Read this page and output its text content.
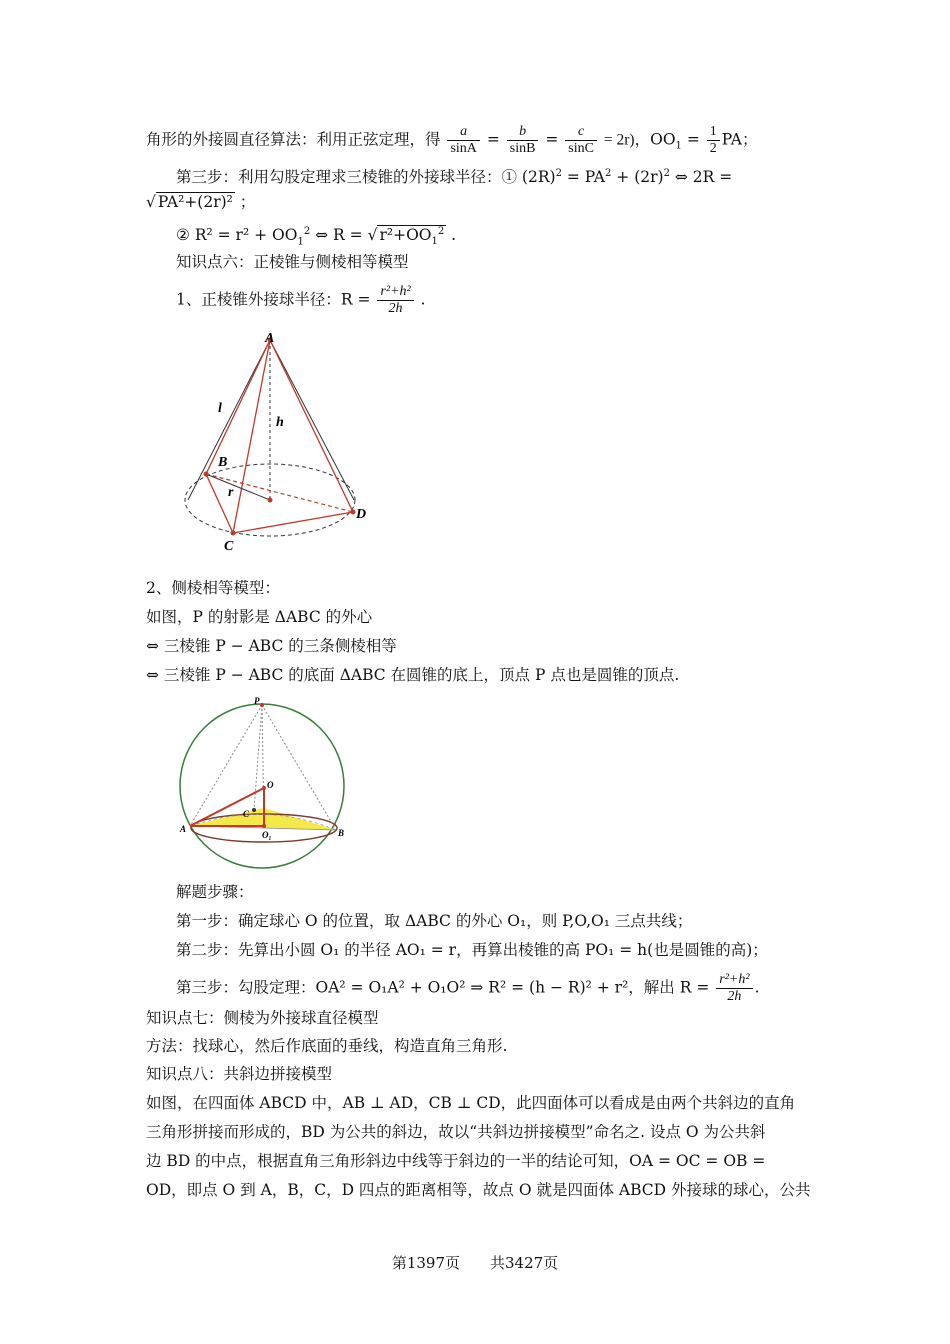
角形的外接圆直径算法：利用正弦定理，得 $\frac{a}{\sin A} = \frac{b}{\sin B} = \frac{c}{\sin C} = 2r$)，$OO_1 = \frac{1}{2}$ PA；
第三步：利用勾股定理求三棱锥的外接球半径：① $(2R)^2 = PA^2 + (2r)^2$ ⇔ 2R =
√ PA²+(2r)² ；
② $R^2 = r^2 + OO_1^2$ ⇔ R = √ $r^2+OO_1^2$ .
知识点六：正棱锥与侧棱相等模型
1、正棱锥外接球半径：$R = \frac{\text{r²+h²}}{2h}$ .
A
l
h
B
r
C
D
2、侧棱相等模型：
如图，P 的射影是 ΔABC 的外心
⇔ 三棱锥 P − ABC 的三条侧棱相等
⇔ 三棱锥 P − ABC 的底面 ΔABC 在圆锥的底上，顶点 P 点也是圆锥的顶点.
P
O
C
A
O₁	B
解题步骤：
第一步：确定球心 O 的位置，取 ΔABC 的外心 O₁，则 P,O,O₁ 三点共线；
第二步：先算出小圆 O₁ 的半径 AO₁ = r，再算出棱锥的高 PO₁ = h(也是圆锥的高)；
第三步：勾股定理：OA² = O₁A² + O₁O² ⇒ R² = (h − R)² + r²，解出 $R = \frac{\text{r²+h²}}{2h}$ .
知识点七：侧棱为外接球直径模型
方法：找球心，然后作底面的垂线，构造直角三角形.
知识点八：共斜边拼接模型
如图，在四面体 ABCD 中，AB ⊥ AD，CB ⊥ CD，此四面体可以看成是由两个共斜边的直角
三角形拼接而形成的，BD 为公共的斜边，故以“共斜边拼接模型”命名之. 设点 O 为公共斜
边 BD 的中点，根据直角三角形斜边中线等于斜边的一半的结论可知，OA = OC = OB =
OD，即点 O 到 A，B，C，D 四点的距离相等，故点 O 就是四面体 ABCD 外接球的球心，公共
第1397页　　共3427页
